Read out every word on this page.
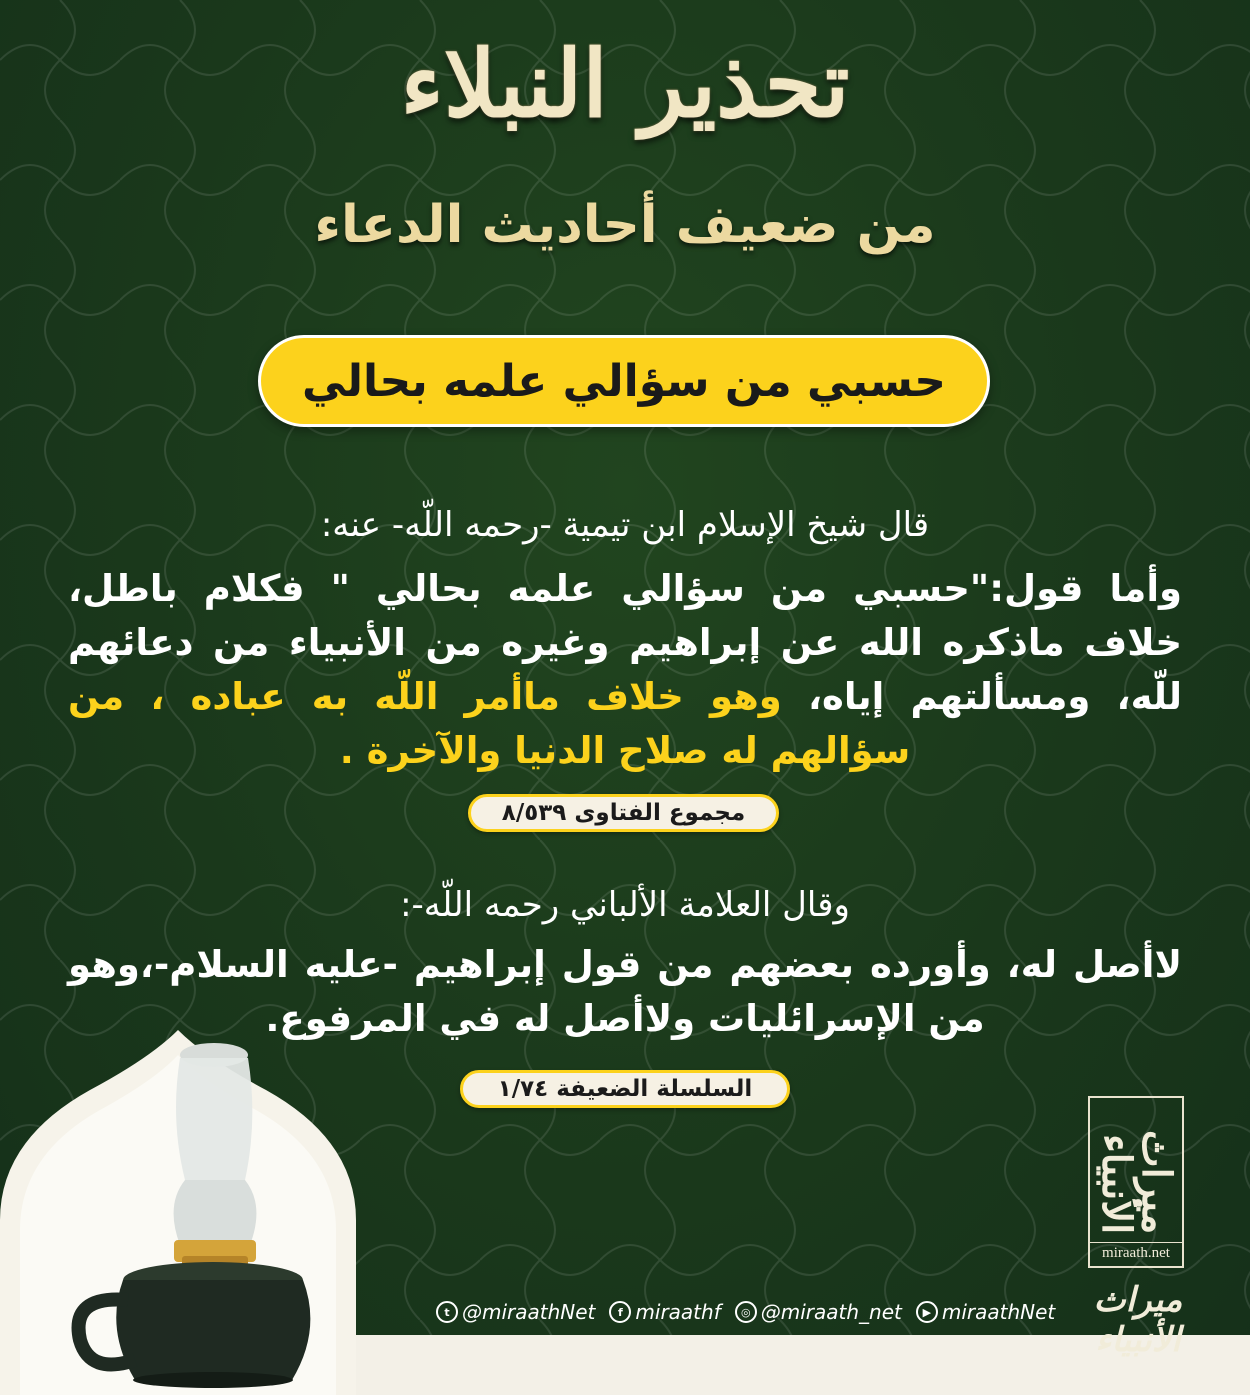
تحذير النبلاء
من ضعيف أحاديث الدعاء
حسبي من سؤالي علمه بحالي
قال شيخ الإسلام ابن تيمية -رحمه اللّه- عنه:
وأما قول:"حسبي من سؤالي علمه بحالي " فكلام باطل، خلاف ماذكره الله عن إبراهيم وغيره من الأنبياء من دعائهم للّه، ومسألتهم إياه، وهو خلاف ماأمر اللّه به عباده ، من سؤالهم له صلاح الدنيا والآخرة .
مجموع الفتاوى ٨/٥٣٩
وقال العلامة الألباني رحمه اللّه-:
لاأصل له، وأورده بعضهم من قول إبراهيم -عليه السلام-،وهو من الإسرائليات ولاأصل له في المرفوع.
السلسلة الضعيفة ١/٧٤
ميراث الأنبياء
miraath.net
ميراث الأنبياء
t @miraathNet	f miraathf	◎ @miraath_net	▶ miraathNet
